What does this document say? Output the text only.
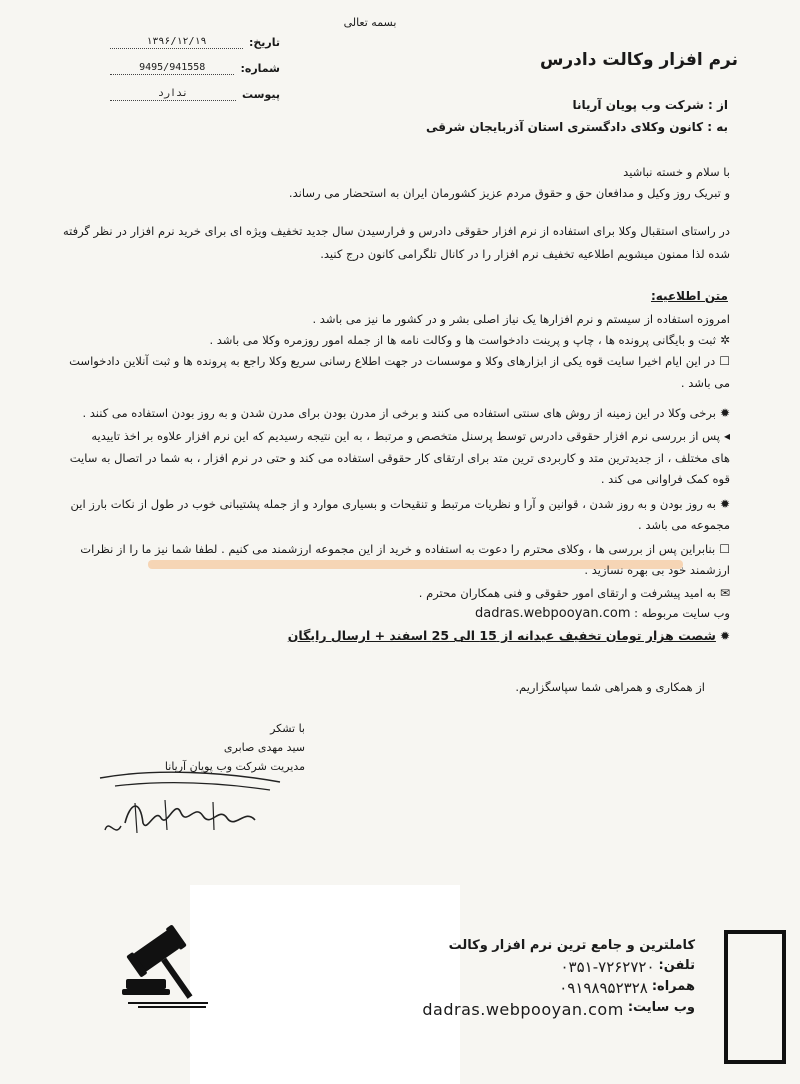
بسمه تعالی
تاریخ:
۱۳۹۶/۱۲/۱۹
شماره:
9495/941558
پیوست
ندارد
نرم افزار وکالت دادرس
از : شرکت وب پویان آریانا
به : کانون وکلای دادگستری استان آذربایجان شرقی
با سلام و خسته نباشید
و تبریک روز وکیل و مدافعان حق و حقوق مردم عزیز کشورمان ایران به استحضار می رساند.
در راستای استقبال وکلا برای استفاده از نرم افزار حقوقی دادرس و فرارسیدن سال جدید تخفیف ویژه ای برای خرید نرم افزار در نظر گرفته
شده لذا ممنون میشویم اطلاعیه تخفیف نرم افزار را در کانال تلگرامی کانون درج کنید.
متن اطلاعیه:
امروزه استفاده از سیستم و نرم افزارها یک نیاز اصلی بشر و در کشور ما نیز می باشد .
✲ثبت و بایگانی پرونده ها ، چاپ و پرینت دادخواست ها و وکالت نامه ها از جمله امور روزمره وکلا می باشد .
☐در این ایام اخیرا سایت قوه یکی از ابزارهای وکلا و موسسات در جهت اطلاع رسانی سریع وکلا راجع به پرونده ها و ثبت آنلاین دادخواست
می باشد .
✹برخی وکلا در این زمینه از روش های سنتی استفاده می کنند و برخی از مدرن بودن برای مدرن شدن و به روز بودن استفاده می کنند .
◂پس از بررسی نرم افزار حقوقی دادرس توسط پرسنل متخصص و مرتبط ، به این نتیجه رسیدیم که این نرم افزار علاوه بر اخذ تاییدیه
های مختلف ، از جدیدترین متد و کاربردی ترین متد برای ارتقای کار حقوقی استفاده می کند و حتی در نرم افزار ، به شما در اتصال به سایت
قوه کمک فراوانی می کند .
✹به روز بودن و به روز شدن ، قوانین و آرا و نظریات مرتبط و تنقیحات و بسیاری موارد و از جمله پشتیبانی خوب در طول از نکات بارز این
مجموعه می باشد .
☐بنابراین پس از بررسی ها ، وکلای محترم را دعوت به استفاده و خرید از این مجموعه ارزشمند می کنیم . لطفا شما نیز ما را از نظرات
ارزشمند خود بی بهره نسازید .
✉به امید پیشرفت و ارتقای امور حقوقی و فنی همکاران محترم .
وب سایت مربوطه : dadras.webpooyan.com
✹شصت هزار تومان تخفیف عیدانه از 15 الی 25 اسفند + ارسال رایگان
از همکاری و همراهی شما سپاسگزاریم.
با تشکر
سید مهدی صابری
مدیریت شرکت وب پویان آریانا
کاملترین و جامع ترین نرم افزار وکالت
تلفن:
۰۳۵۱-۷۲۶۲۷۲۰
همراه:
۰۹۱۹۸۹۵۲۳۲۸
وب سایت:
dadras.webpooyan.com
